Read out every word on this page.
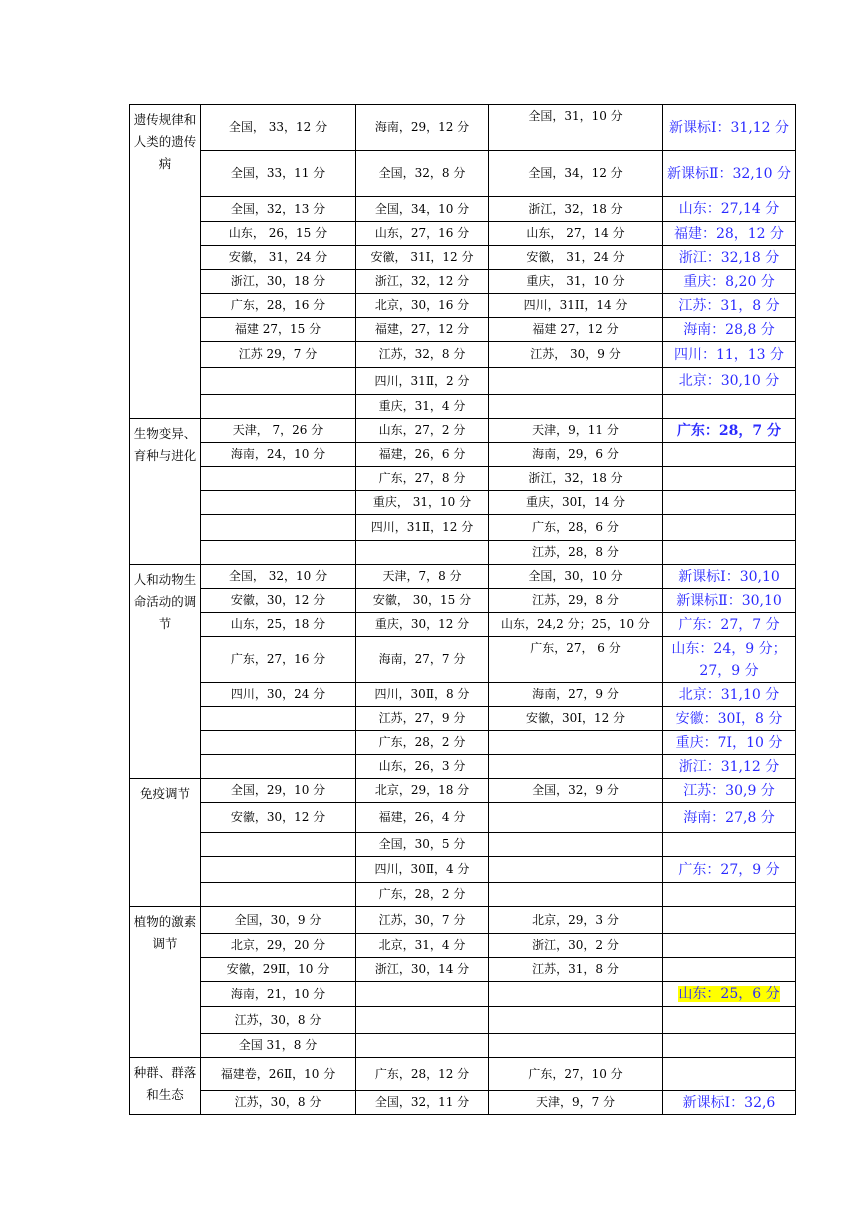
遗传规律和人类的遗传病	全国， 33，12 分	海南，29，12 分	全国，31，10 分	新课标Ⅰ：31,12 分
	全国，33，11 分	全国，32，8 分	全国，34，12 分	新课标Ⅱ：32,10 分
	全国，32，13 分	全国，34，10 分	浙江，32，18 分	山东：27,14 分
	山东， 26，15 分	山东，27，16 分	山东， 27，14 分	福建：28，12 分
	安徽， 31，24 分	安徽， 31Ⅰ，12 分	安徽， 31，24 分	浙江：32,18 分
	浙江，30，18 分	浙江，32，12 分	重庆， 31，10 分	重庆：8,20 分
	广东，28，16 分	北京，30，16 分	四川，31II，14 分	江苏：31，8 分
	福建 27，15 分	福建，27，12 分	福建 27，12 分	海南：28,8 分
	江苏 29，7 分	江苏，32，8 分	江苏， 30，9 分	四川：11，13 分
		四川，31Ⅱ，2 分		北京：30,10 分
		重庆，31，4 分		
生物变异、育种与进化	天津， 7，26 分	山东，27，2 分	天津，9，11 分	广东：28，7 分
	海南，24，10 分	福建，26，6 分	海南，29，6 分	
		广东，27，8 分	浙江，32，18 分	
		重庆， 31，10 分	重庆，30I，14 分	
		四川，31Ⅱ，12 分	广东，28，6 分	
			江苏，28，8 分	
人和动物生命活动的调节	全国， 32，10 分	天津，7，8 分	全国，30，10 分	新课标Ⅰ：30,10
	安徽，30，12 分	安徽， 30，15 分	江苏，29，8 分	新课标Ⅱ：30,10
	山东，25，18 分	重庆，30，12 分	山东，24,2 分；25，10 分	广东：27，7 分
	广东，27，16 分	海南，27，7 分	广东，27， 6 分	山东：24，9 分；27，9 分
	四川，30，24 分	四川，30Ⅱ，8 分	海南，27，9 分	北京：31,10 分
		江苏，27，9 分	安徽，30I，12 分	安徽：30I，8 分
		广东，28，2 分		重庆：7Ⅰ，10 分
		山东，26，3 分		浙江：31,12 分
免疫调节	全国，29，10 分	北京，29，18 分	全国，32，9 分	江苏：30,9 分
	安徽，30，12 分	福建，26，4 分		海南：27,8 分
		全国，30，5 分		
		四川，30Ⅱ，4 分		广东：27，9 分
		广东，28，2 分		
植物的激素调节	全国，30，9 分	江苏，30，7 分	北京，29，3 分	
	北京，29，20 分	北京，31，4 分	浙江，30，2 分	
	安徽，29Ⅱ，10 分	浙江，30，14 分	江苏，31，8 分	
	海南，21，10 分			山东：25，6 分
	江苏，30，8 分			
	全国 31，8 分			
种群、群落和生态	福建卷，26Ⅱ，10 分	广东，28，12 分	广东，27，10 分	
	江苏，30，8 分	全国，32，11 分	天津，9，7 分	新课标Ⅰ：32,6
